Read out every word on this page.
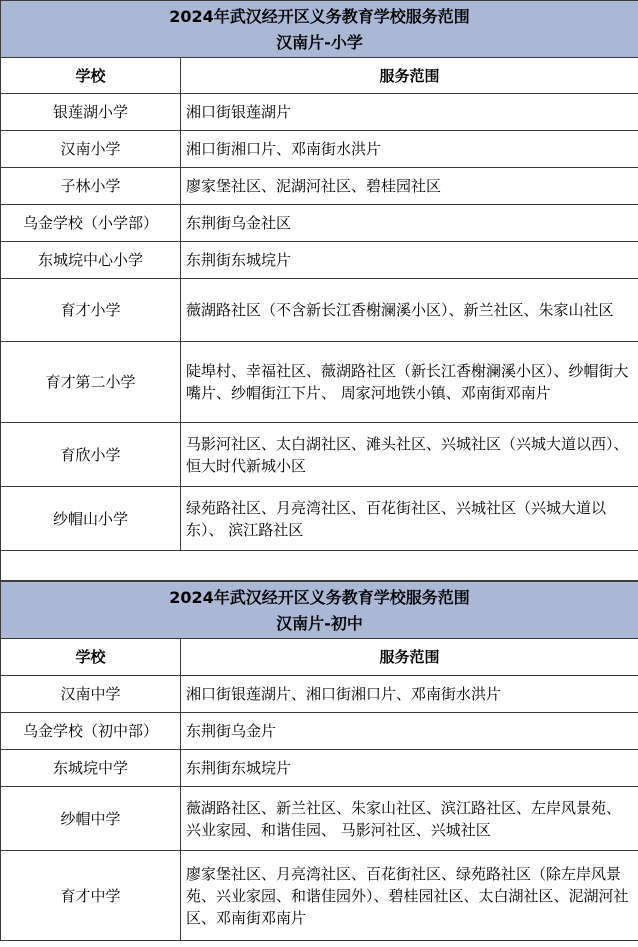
2024年武汉经开区义务教育学校服务范围
汉南片-小学	

学校	服务范围
银莲湖小学	湘口街银莲湖片
汉南小学	湘口街湘口片、邓南街水洪片
子林小学	廖家堡社区、泥湖河社区、碧桂园社区
乌金学校（小学部）	东荆街乌金社区
东城垸中心小学	东荆街东城垸片
育才小学	薇湖路社区（不含新长江香榭澜溪小区）、新兰社区、朱家山社区
育才第二小学	陡埠村、幸福社区、薇湖路社区（新长江香榭澜溪小区）、纱帽街大嘴片、纱帽街江下片、 周家河地铁小镇、邓南街邓南片
育欣小学	马影河社区、太白湖社区、滩头社区、兴城社区（兴城大道以西）、恒大时代新城小区
纱帽山小学	绿苑路社区、月亮湾社区、百花街社区、兴城社区（兴城大道以东）、 滨江路社区

2024年武汉经开区义务教育学校服务范围
汉南片-初中	

学校	服务范围
汉南中学	湘口街银莲湖片、湘口街湘口片、邓南街水洪片
乌金学校（初中部）	东荆街乌金片
东城垸中学	东荆街东城垸片
纱帽中学	薇湖路社区、新兰社区、朱家山社区、滨江路社区、左岸风景苑、兴业家园、和谐佳园、 马影河社区、兴城社区
育才中学	廖家堡社区、月亮湾社区、百花街社区、绿苑路社区（除左岸风景苑、兴业家园、和谐佳园外）、碧桂园社区、太白湖社区、泥湖河社区、邓南街邓南片
